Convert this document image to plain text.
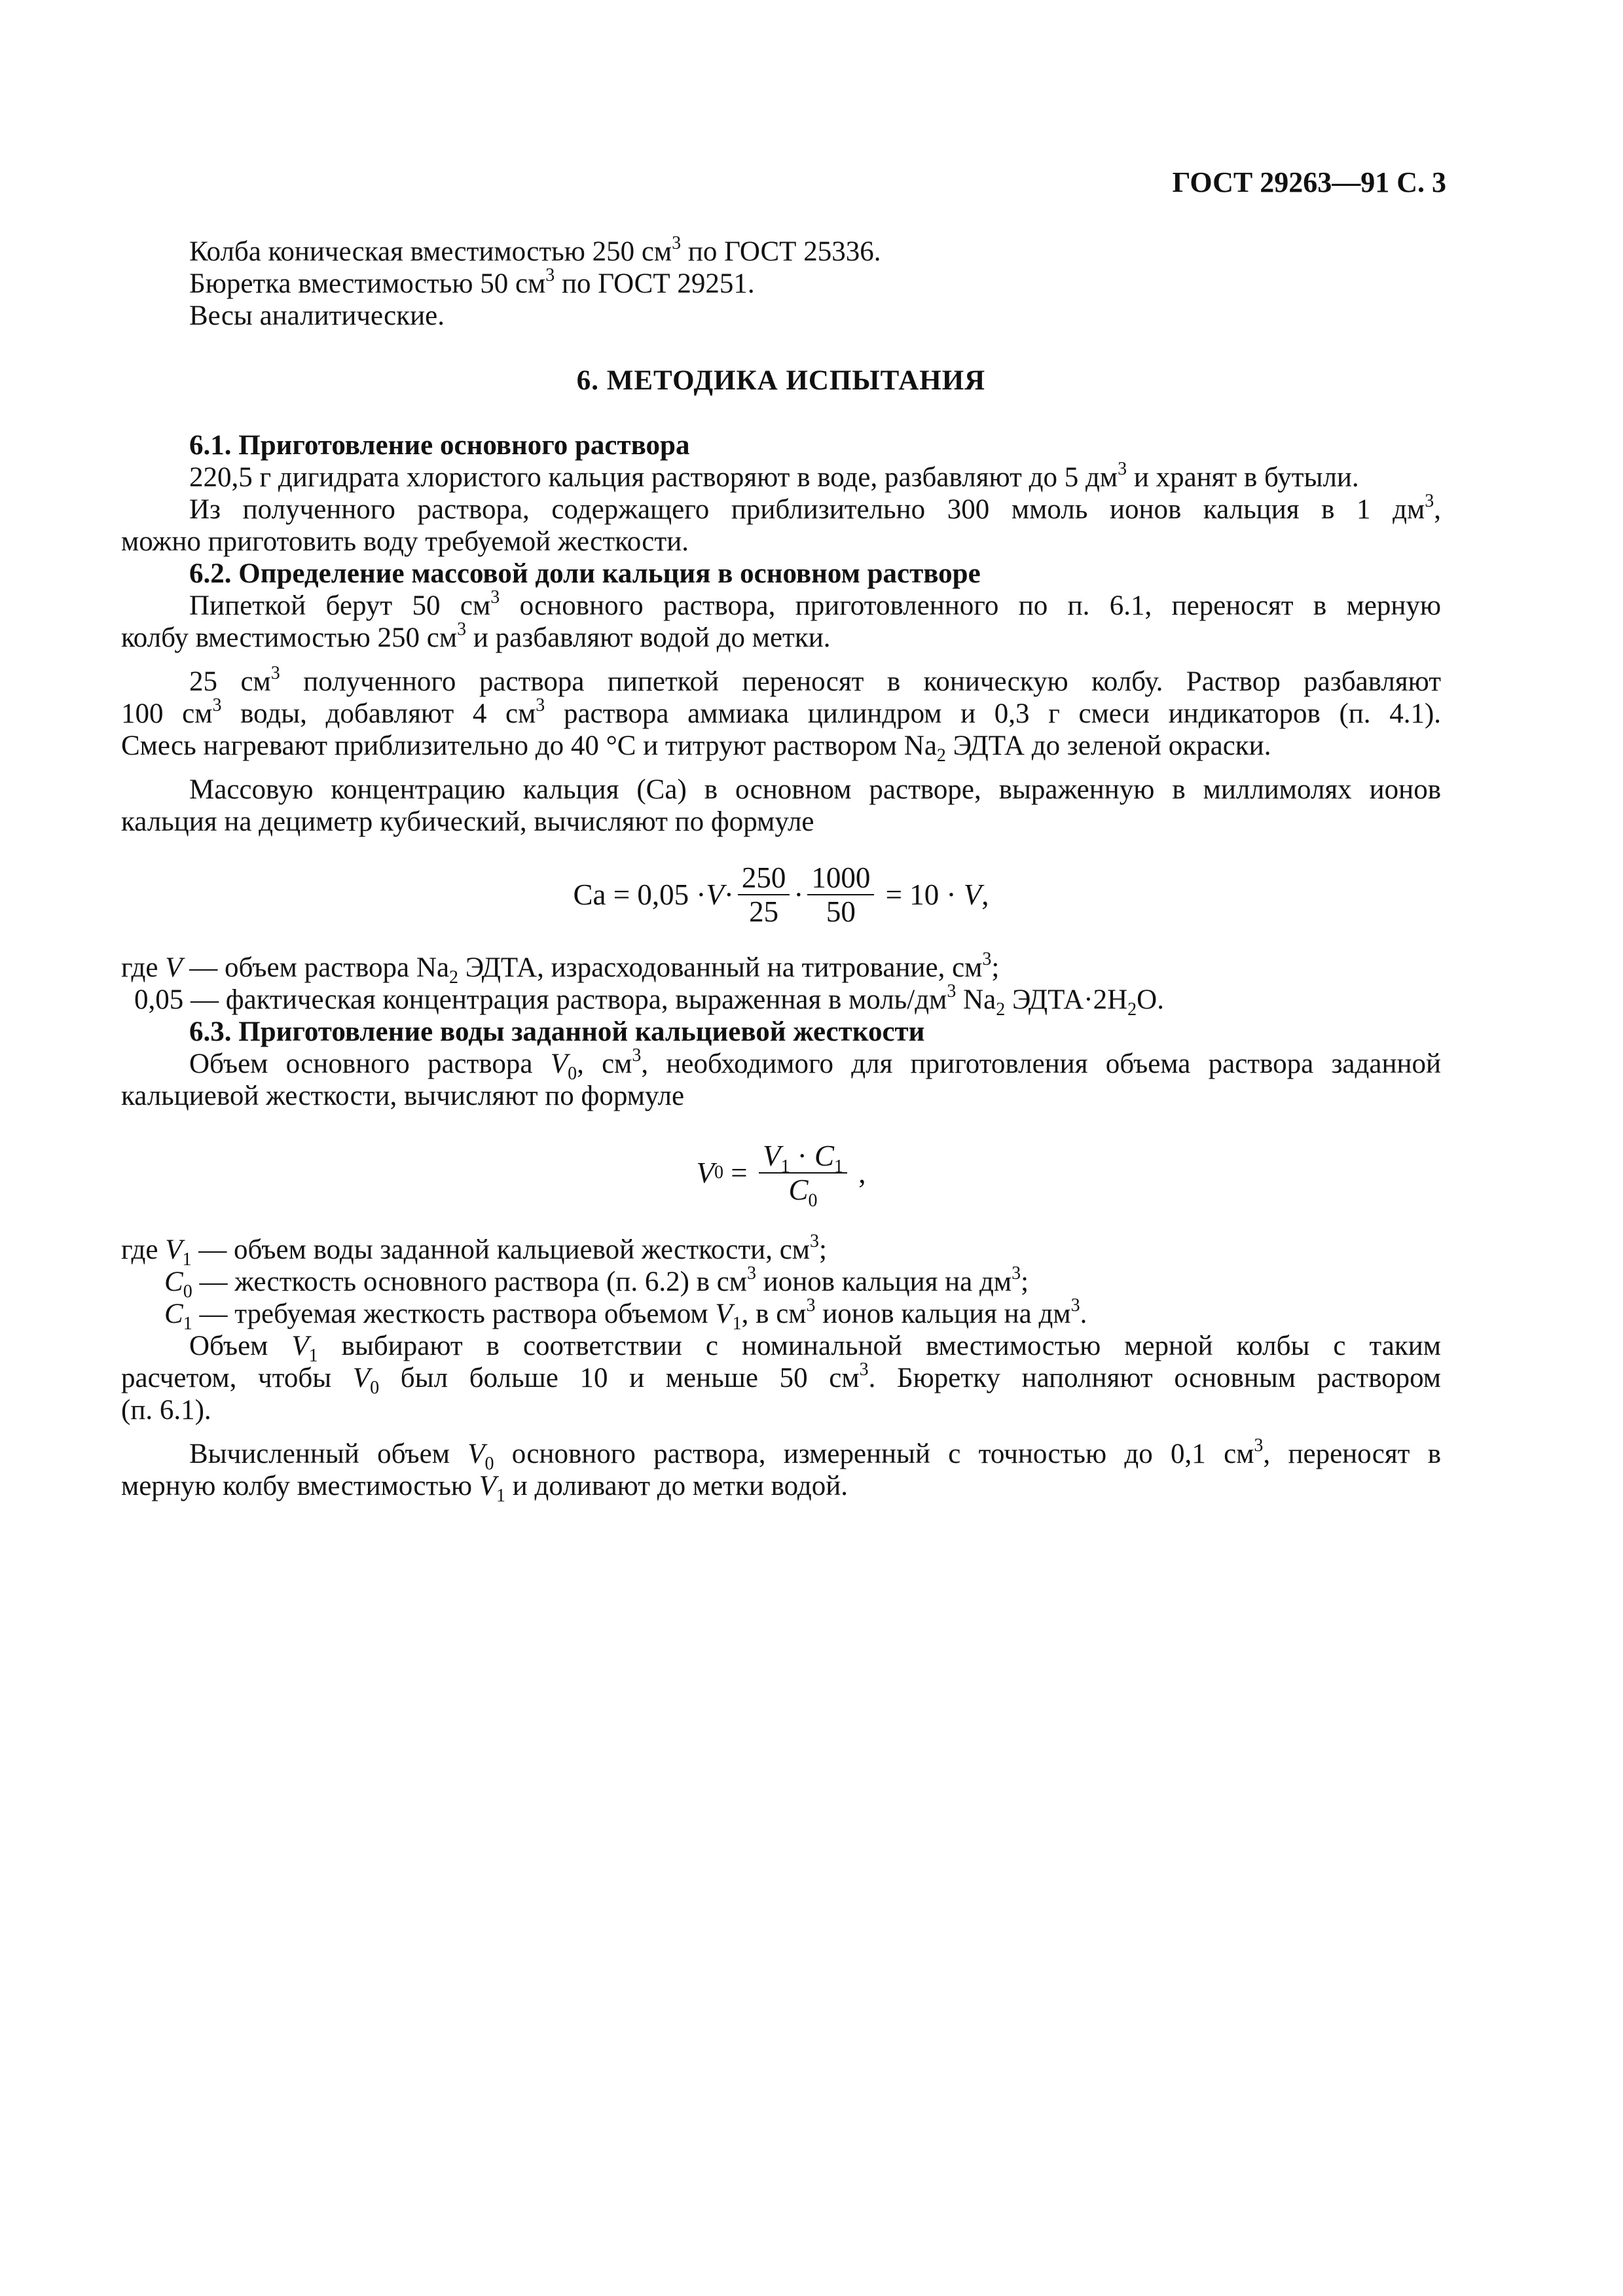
ГОСТ 29263—91 С. 3
Колба коническая вместимостью 250 $см^3$ по ГОСТ 25336.
Бюретка вместимостью 50 $см^3$ по ГОСТ 29251.
Весы аналитические.
6. МЕТОДИКА ИСПЫТАНИЯ
6.1. Приготовление основного раствора
220,5 г дигидрата хлористого кальция растворяют в воде, разбавляют до 5 $дм^3$ и хранят в бутыли.
Из полученного раствора, содержащего приблизительно 300 ммоль ионов кальция в 1 $дм^3$,
можно приготовить воду требуемой жесткости.
6.2. Определение массовой доли кальция в основном растворе
Пипеткой берут 50 $см^3$ основного раствора, приготовленного по п. 6.1, переносят в мерную
колбу вместимостью 250 $см^3$ и разбавляют водой до метки.
25 $см^3$ полученного раствора пипеткой переносят в коническую колбу. Раствор разбавляют
100 $см^3$ воды, добавляют 4 $см^3$ раствора аммиака цилиндром и 0,3 г смеси индикаторов (п. 4.1).
Смесь нагревают приблизительно до 40 °С и титруют раствором $Na_2$ ЭДТА до зеленой окраски.
Массовую концентрацию кальция (Са) в основном растворе, выраженную в миллимолях ионов
кальция на дециметр кубический, вычисляют по формуле
Са = $0,05 \cdot V \cdot \frac{250}{25} \cdot \frac{1000}{50} = 10 \cdot V$ ,
где V — объем раствора $Na_2$ ЭДТА, израсходованный на титрование, $см^3$;
0,05 — фактическая концентрация раствора, выраженная в моль/$дм^3$ $Na_2$ $ЭДТА\cdot 2Н_2О$.
6.3. Приготовление воды заданной кальциевой жесткости
Объем основного раствора $V_0$, $см^3$, необходимого для приготовления объема раствора заданной
кальциевой жесткости, вычисляют по формуле
V $0 = \frac{V_1 \cdot C_1}{C_0}$ ,
где $V_1$ — объем воды заданной кальциевой жесткости, $см^3$;
$C_0$ — жесткость основного раствора (п. 6.2) в $см^3$ ионов кальция на $дм^3$;
$C_1$ — требуемая жесткость раствора объемом $V_1$, в $см^3$ ионов кальция на $дм^3$.
Объем $V_1$ выбирают в соответствии с номинальной вместимостью мерной колбы с таким
расчетом, чтобы $V_0$ был больше 10 и меньше 50 $см^3$. Бюретку наполняют основным раствором
(п. 6.1).
Вычисленный объем $V_0$ основного раствора, измеренный с точностью до 0,1 $см^3$, переносят в
мерную колбу вместимостью $V_1$ и доливают до метки водой.
